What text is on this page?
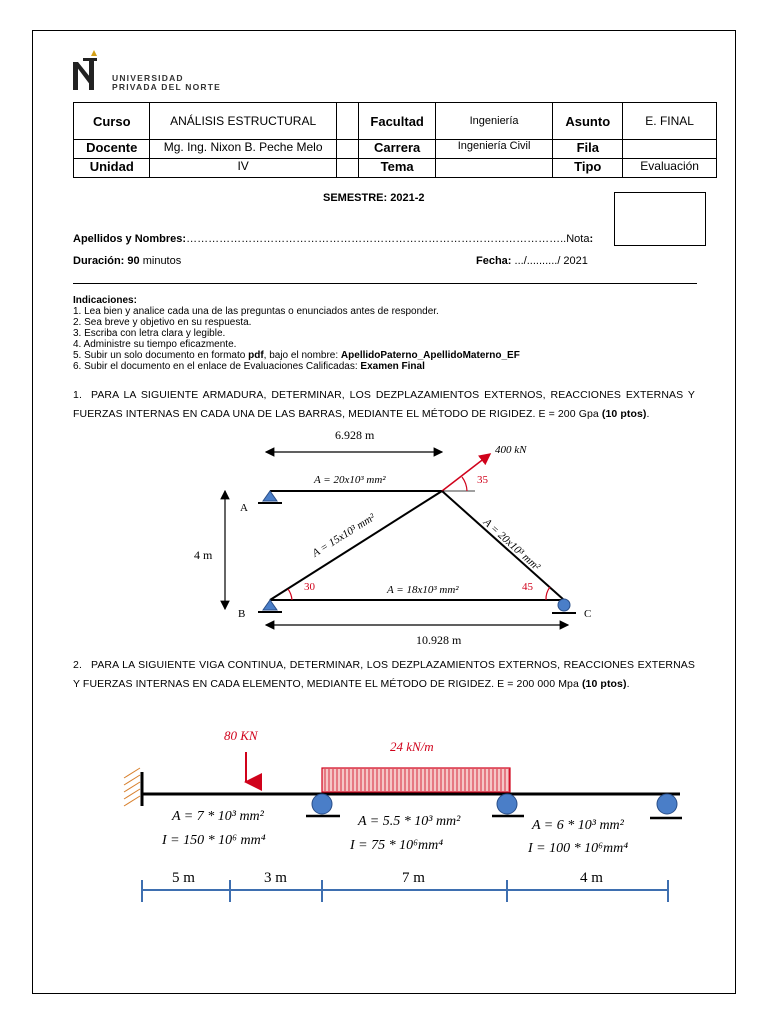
UNIVERSIDAD
PRIVADA DEL NORTE
Curso	ANÁLISIS ESTRUCTURAL		Facultad	Ingeniería	Asunto	E. FINAL
Docente	Mg. Ing. Nixon B. Peche Melo		Carrera	Ingeniería Civil	Fila	
Unidad	IV		Tema		Tipo	Evaluación
SEMESTRE: 2021-2
Apellidos y Nombres:…………………………………………………………………………………………..Nota:
Duración: 90 minutos	Fecha: .../........../ 2021
Indicaciones:
1. Lea bien y analice cada una de las preguntas o enunciados antes de responder.
2. Sea breve y objetivo en su respuesta.
3. Escriba con letra clara y legible.
4. Administre su tiempo eficazmente.
5. Subir un solo documento en formato pdf, bajo el nombre: ApellidoPaterno_ApellidoMaterno_EF
6. Subir el documento en el enlace de Evaluaciones Calificadas: Examen Final
1. PARA LA SIGUIENTE ARMADURA, DETERMINAR, LOS DEZPLAZAMIENTOS EXTERNOS, REACCIONES EXTERNAS Y FUERZAS INTERNAS EN CADA UNA DE LAS BARRAS, MEDIANTE EL MÉTODO DE RIGIDEZ. E = 200 Gpa (10 ptos).
6.928 m
4 m
A
B	C
400 kN
35
30	45
A = 20x10³ mm²
A = 15x10³ mm²	A = 20x10³ mm²
A = 18x10³ mm²
10.928 m
2. PARA LA SIGUIENTE VIGA CONTINUA, DETERMINAR, LOS DEZPLAZAMIENTOS EXTERNOS, REACCIONES EXTERNAS Y FUERZAS INTERNAS EN CADA ELEMENTO, MEDIANTE EL MÉTODO DE RIGIDEZ. E = 200 000 Mpa (10 ptos).
80 KN
24 kN/m
A = 7 * 10³ mm²
I = 150 * 10⁶ mm⁴
A = 5.5 * 10³ mm²
I = 75 * 10⁶mm⁴
A = 6 * 10³ mm²
I = 100 * 10⁶mm⁴
5 m	3 m	7 m	4 m
